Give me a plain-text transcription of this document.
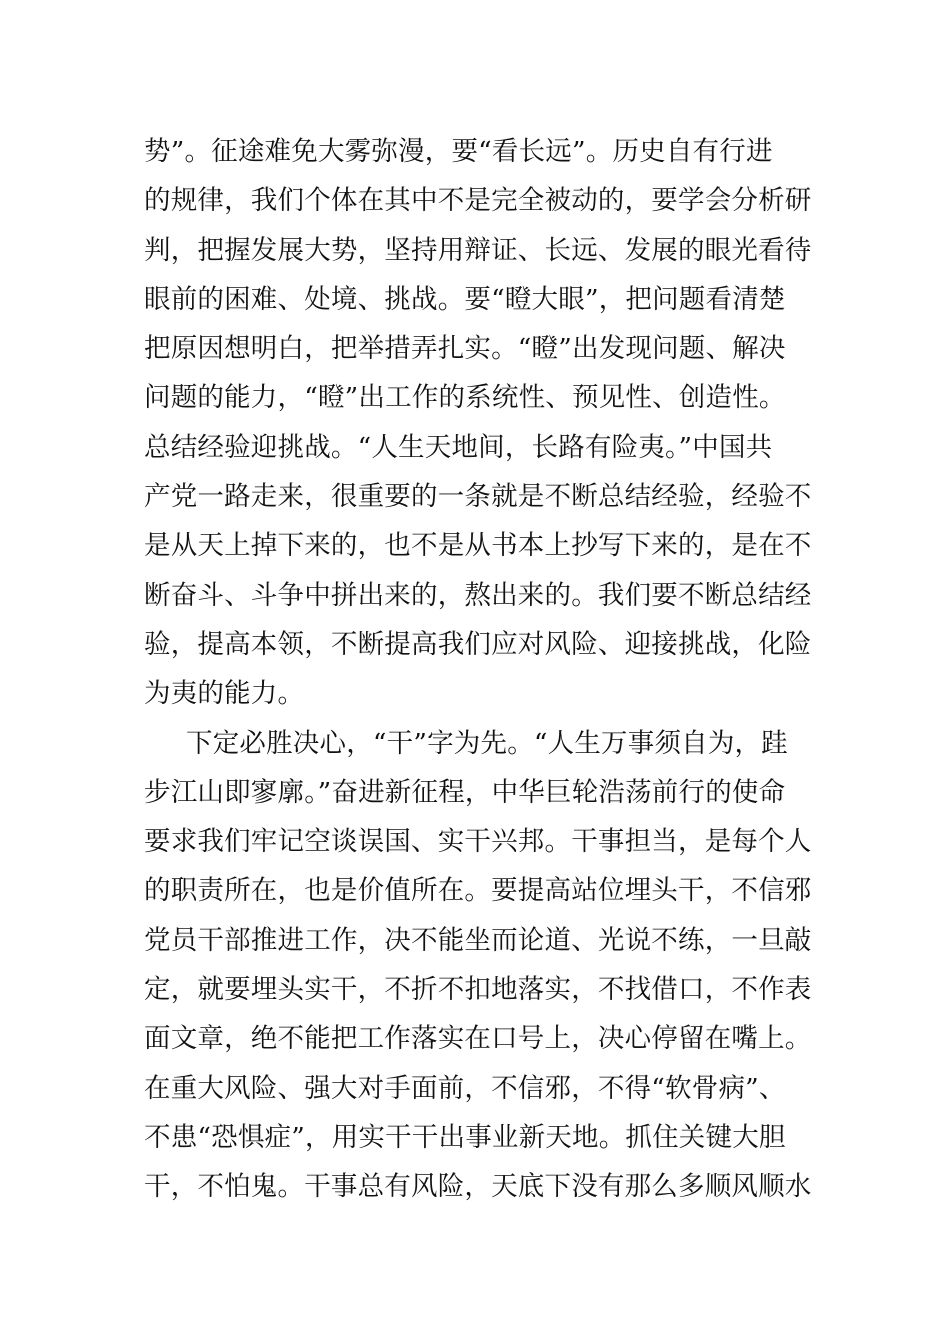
势”。征途难免大雾弥漫，要“看长远”。历史自有行进
的规律，我们个体在其中不是完全被动的，要学会分析研
判，把握发展大势，坚持用辩证、长远、发展的眼光看待
眼前的困难、处境、挑战。要“瞪大眼”，把问题看清楚
把原因想明白，把举措弄扎实。“瞪”出发现问题、解决
问题的能力，“瞪”出工作的系统性、预见性、创造性。
总结经验迎挑战。“人生天地间，长路有险夷。”中国共
产党一路走来，很重要的一条就是不断总结经验，经验不
是从天上掉下来的，也不是从书本上抄写下来的，是在不
断奋斗、斗争中拼出来的，熬出来的。我们要不断总结经
验，提高本领，不断提高我们应对风险、迎接挑战，化险
为夷的能力。
下定必胜决心，“干”字为先。“人生万事须自为，跬
步江山即寥廓。”奋进新征程，中华巨轮浩荡前行的使命
要求我们牢记空谈误国、实干兴邦。干事担当，是每个人
的职责所在，也是价值所在。要提高站位埋头干，不信邪
党员干部推进工作，决不能坐而论道、光说不练，一旦敲
定，就要埋头实干，不折不扣地落实，不找借口，不作表
面文章，绝不能把工作落实在口号上，决心停留在嘴上。
在重大风险、强大对手面前，不信邪，不得“软骨病”、
不患“恐惧症”，用实干干出事业新天地。抓住关键大胆
干，不怕鬼。干事总有风险，天底下没有那么多顺风顺水
